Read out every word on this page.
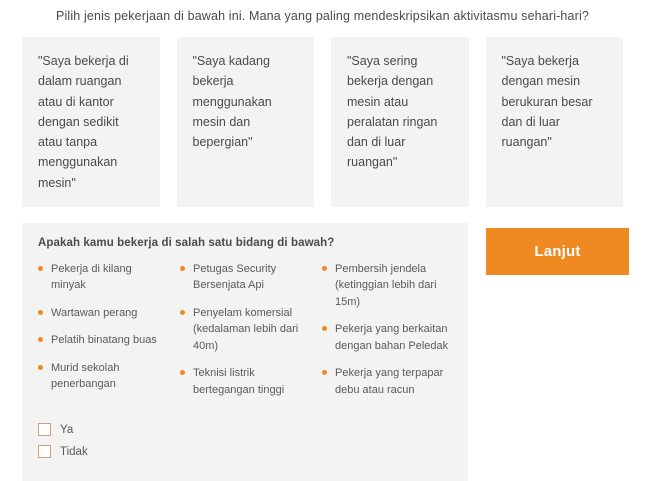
Pilih jenis pekerjaan di bawah ini. Mana yang paling mendeskripsikan aktivitasmu sehari-hari?
"Saya bekerja di dalam ruangan atau di kantor dengan sedikit atau tanpa menggunakan mesin"
"Saya kadang bekerja menggunakan mesin dan bepergian"
"Saya sering bekerja dengan mesin atau peralatan ringan dan di luar ruangan"
"Saya bekerja dengan mesin berukuran besar dan di luar ruangan"
Apakah kamu bekerja di salah satu bidang di bawah?
Pekerja di kilang minyak
Wartawan perang
Pelatih binatang buas
Murid sekolah penerbangan
Petugas Security Bersenjata Api
Penyelam komersial (kedalaman lebih dari 40m)
Teknisi listrik bertegangan tinggi
Pembersih jendela (ketinggian lebih dari 15m)
Pekerja yang berkaitan dengan bahan Peledak
Pekerja yang terpapar debu atau racun
Ya
Tidak
Lanjut
